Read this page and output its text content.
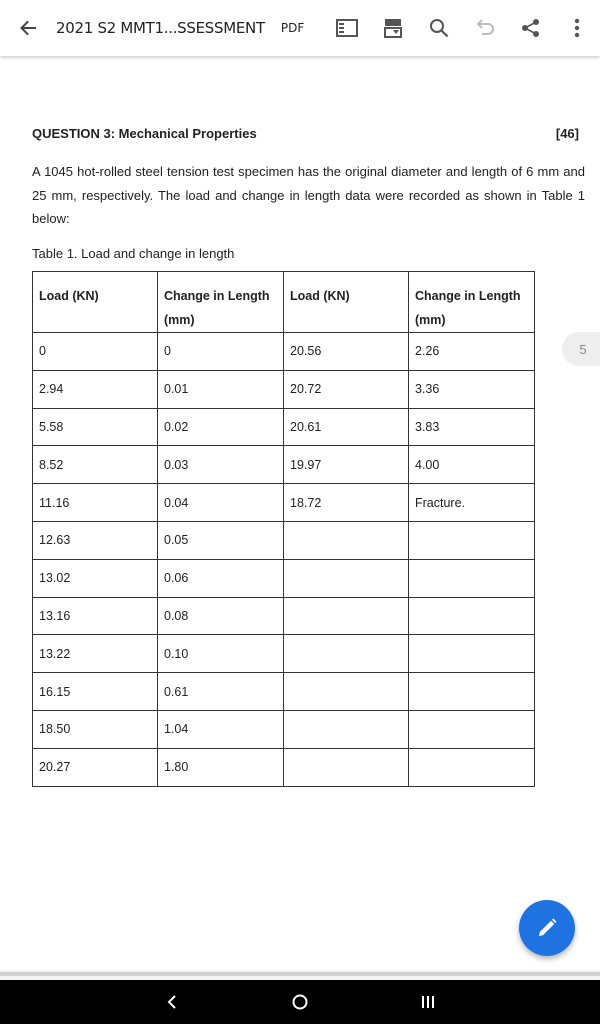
2021 S2 MMT1...SSESSMENT PDF
QUESTION 3: Mechanical Properties	[46]

A 1045 hot-rolled steel tension test specimen has the original diameter and length of 6 mm and 25 mm, respectively. The load and change in length data were recorded as shown in Table 1 below:

Table 1. Load and change in length
Load (KN)	Change in Length (mm)	Load (KN)	Change in Length (mm)
0	0	20.56	2.26
2.94	0.01	20.72	3.36
5.58	0.02	20.61	3.83
8.52	0.03	19.97	4.00
11.16	0.04	18.72	Fracture.
12.63	0.05		
13.02	0.06		
13.16	0.08		
13.22	0.10		
16.15	0.61		
18.50	1.04		
20.27	1.80		
5
